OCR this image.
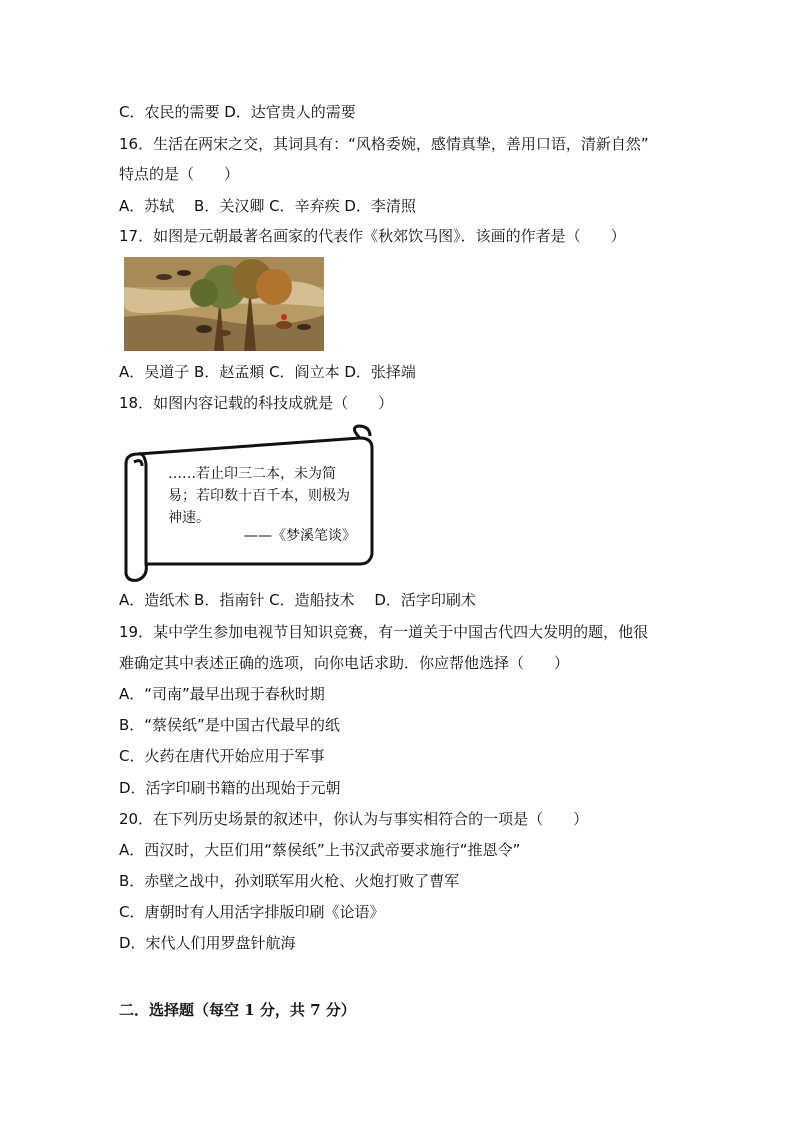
C．农民的需要 D．达官贵人的需要
16．生活在两宋之交，其词具有：“风格委婉，感情真挚，善用口语，清新自然”
特点的是（　　）
A．苏轼　 B．关汉卿 C．辛弃疾 D．李清照
17．如图是元朝最著名画家的代表作《秋郊饮马图》．该画的作者是（　　）
A．吴道子 B．赵孟頫 C．阎立本 D．张择端
18．如图内容记载的科技成就是（　　）
……若止印三二本，未为简
易；若印数十百千本，则极为
神速。
——《梦溪笔谈》
A．造纸术 B．指南针 C．造船技术 　D．活字印刷术
19．某中学生参加电视节目知识竞赛，有一道关于中国古代四大发明的题，他很
难确定其中表述正确的选项，向你电话求助．你应帮他选择（　　）
A．“司南”最早出现于春秋时期
B．“蔡侯纸”是中国古代最早的纸
C．火药在唐代开始应用于军事
D．活字印刷书籍的出现始于元朝
20．在下列历史场景的叙述中，你认为与事实相符合的一项是（　　）
A．西汉时，大臣们用“蔡侯纸”上书汉武帝要求施行“推恩令”
B．赤壁之战中，孙刘联军用火枪、火炮打败了曹军
C．唐朝时有人用活字排版印刷《论语》
D．宋代人们用罗盘针航海
二．选择题（每空 1 分，共 7 分）
